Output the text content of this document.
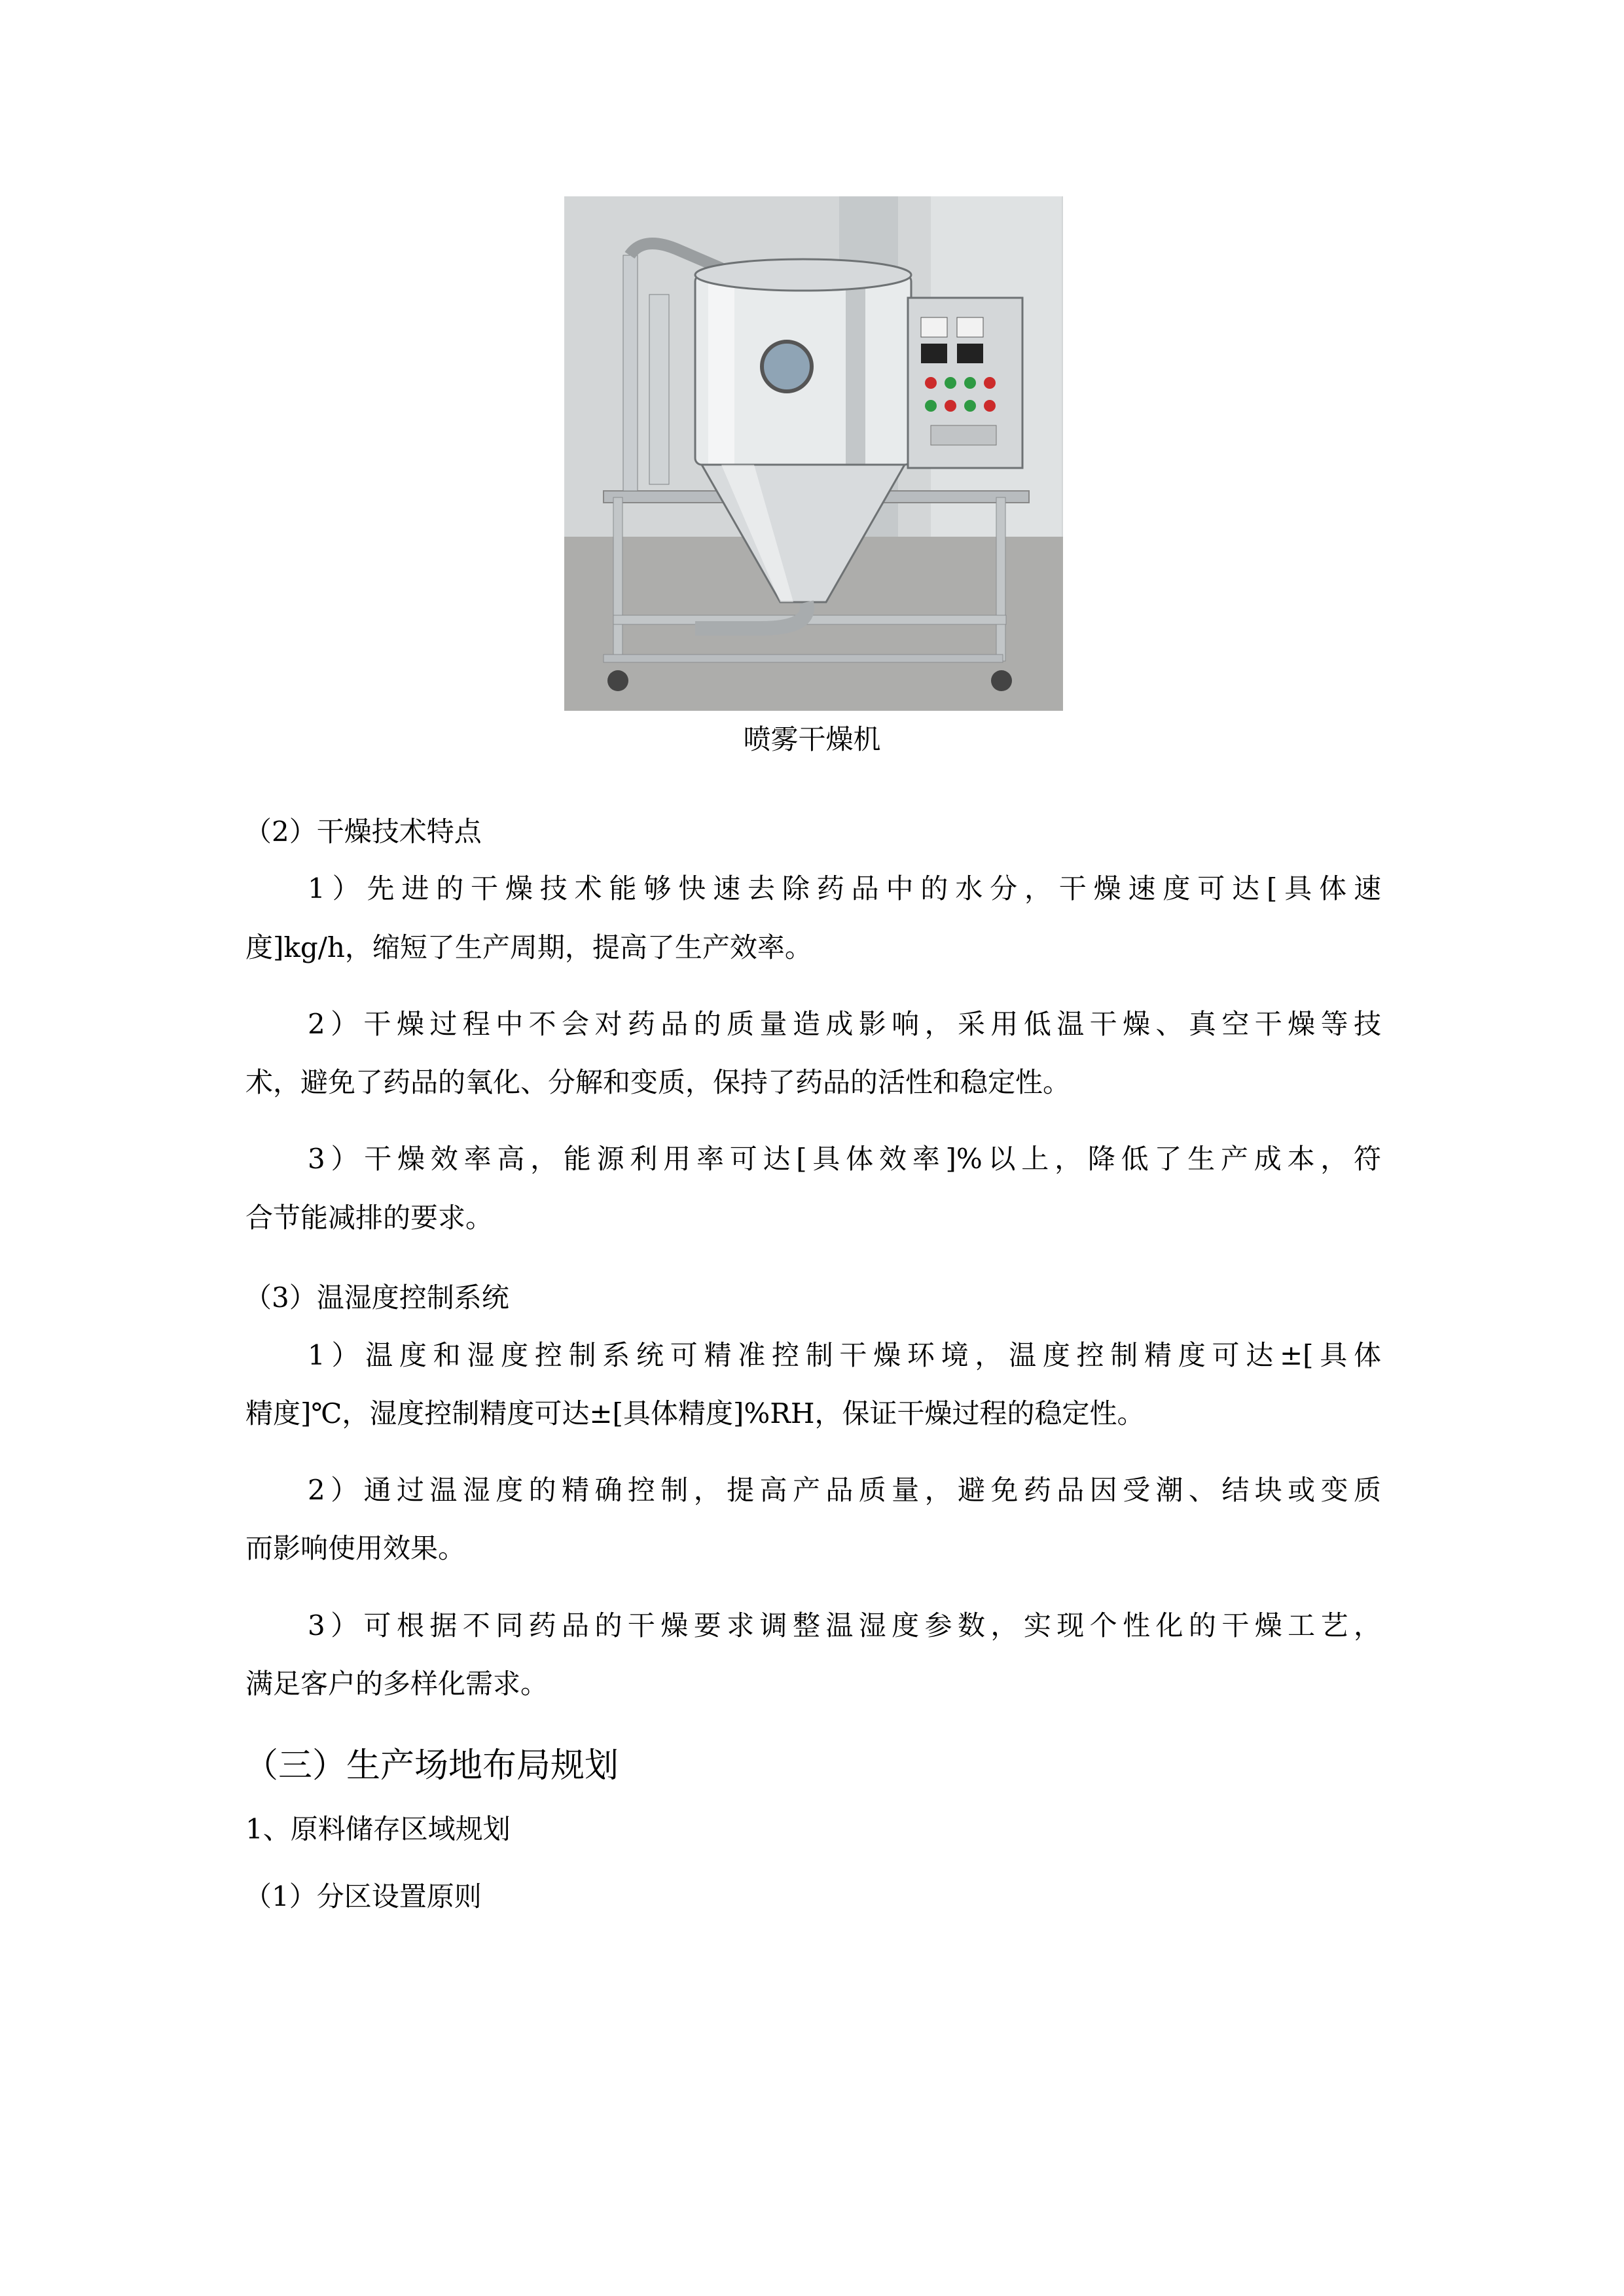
喷雾干燥机
（2）干燥技术特点
1）先进的干燥技术能够快速去除药品中的水分，干燥速度可达[具体速
度]kg/h，缩短了生产周期，提高了生产效率。
2）干燥过程中不会对药品的质量造成影响，采用低温干燥、真空干燥等技
术，避免了药品的氧化、分解和变质，保持了药品的活性和稳定性。
3）干燥效率高，能源利用率可达[具体效率]%以上，降低了生产成本，符
合节能减排的要求。
（3）温湿度控制系统
1）温度和湿度控制系统可精准控制干燥环境，温度控制精度可达±[具体
精度]℃，湿度控制精度可达±[具体精度]%RH，保证干燥过程的稳定性。
2）通过温湿度的精确控制，提高产品质量，避免药品因受潮、结块或变质
而影响使用效果。
3）可根据不同药品的干燥要求调整温湿度参数，实现个性化的干燥工艺，
满足客户的多样化需求。
（三）生产场地布局规划
1、原料储存区域规划
（1）分区设置原则
